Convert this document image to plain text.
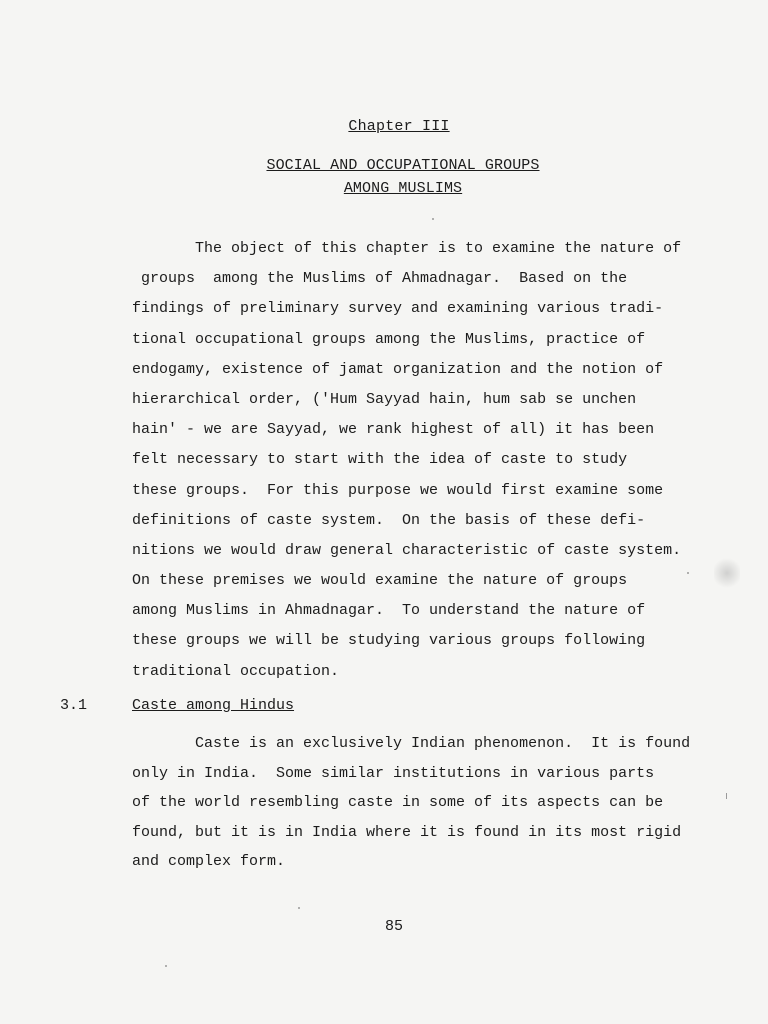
Chapter III
SOCIAL AND OCCUPATIONAL GROUPS
AMONG MUSLIMS
The object of this chapter is to examine the nature of
groups  among the Muslims of Ahmadnagar.  Based on the
findings of preliminary survey and examining various tradi-
tional occupational groups among the Muslims, practice of
endogamy, existence of jamat organization and the notion of
hierarchical order, ('Hum Sayyad hain, hum sab se unchen
hain' - we are Sayyad, we rank highest of all) it has been
felt necessary to start with the idea of caste to study
these groups.  For this purpose we would first examine some
definitions of caste system.  On the basis of these defi-
nitions we would draw general characteristic of caste system.
On these premises we would examine the nature of groups
among Muslims in Ahmadnagar.  To understand the nature of
these groups we will be studying various groups following
traditional occupation.
3.1	Caste among Hindus
Caste is an exclusively Indian phenomenon.  It is found
only in India.  Some similar institutions in various parts
of the world resembling caste in some of its aspects can be
found, but it is in India where it is found in its most rigid
and complex form.
85
